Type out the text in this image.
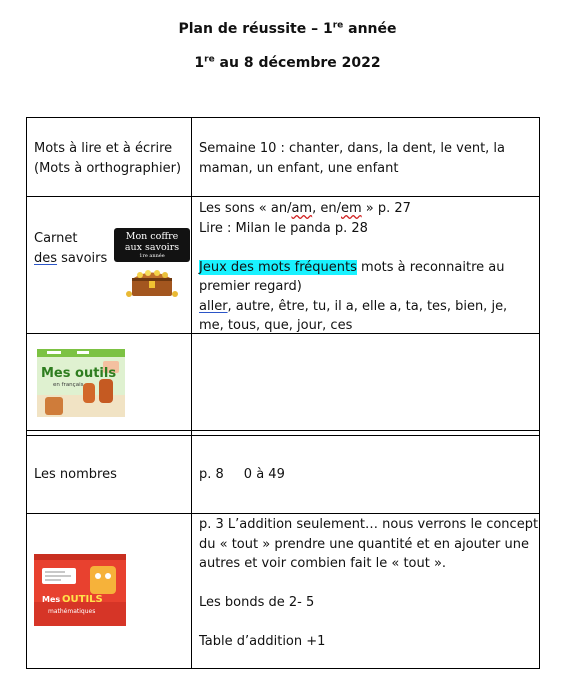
Plan de réussite – 1re année
1re au 8 décembre 2022
Mots à lire et à écrire
(Mots à orthographier)
Semaine 10 : chanter, dans, la dent, le vent, la
maman, un enfant, une enfant
Carnet
des savoirs
Mon coffre
aux savoirs
1re année
Les sons « an/am, en/em » p. 27
Lire : Milan le panda p. 28
Jeux des mots fréquents mots à reconnaitre au
premier regard)
aller, autre, être, tu, il a, elle a, ta, tes, bien, je,
me, tous, que, jour, ces
Mes outils
en français
Les nombres	p. 8 0 à 49
Mes OUTILS
mathématiques
p. 3 L’addition seulement… nous verrons le concept
du « tout » prendre une quantité et en ajouter une
autres et voir combien fait le « tout ».
Les bonds de 2- 5
Table d’addition +1
